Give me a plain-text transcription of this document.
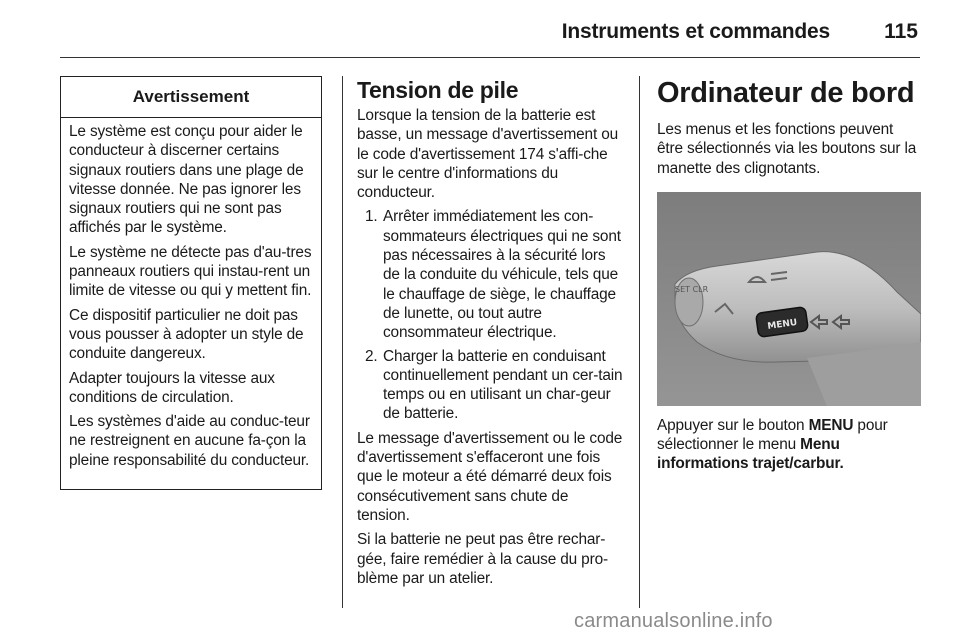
Instruments et commandes	115
Avertissement

Le système est conçu pour aider le conducteur à discerner certains signaux routiers dans une plage de vitesse donnée. Ne pas ignorer les signaux routiers qui ne sont pas affichés par le système.

Le système ne détecte pas d'au-tres panneaux routiers qui instau-rent un limite de vitesse ou qui y mettent fin.

Ce dispositif particulier ne doit pas vous pousser à adopter un style de conduite dangereux.

Adapter toujours la vitesse aux conditions de circulation.

Les systèmes d'aide au conduc-teur ne restreignent en aucune fa-çon la pleine responsabilité du conducteur.

Tension de pile

Lorsque la tension de la batterie est basse, un message d'avertissement ou le code d'avertissement 174 s'affi-che sur le centre d'informations du conducteur.

1. Arrêter immédiatement les con-sommateurs électriques qui ne sont pas nécessaires à la sécurité lors de la conduite du véhicule, tels que le chauffage de siège, le chauffage de lunette, ou tout autre consommateur électrique.
2. Charger la batterie en conduisant continuellement pendant un cer-tain temps ou en utilisant un char-geur de batterie.

Le message d'avertissement ou le code d'avertissement s'effaceront une fois que le moteur a été démarré deux fois consécutivement sans chute de tension.

Si la batterie ne peut pas être rechar-gée, faire remédier à la cause du pro-blème par un atelier.

Ordinateur de bord

Les menus et les fonctions peuvent être sélectionnés via les boutons sur la manette des clignotants.

SET CLR
MENU

Appuyer sur le bouton MENU pour sélectionner le menu Menu informations trajet/carbur.

carmanualsonline.info
